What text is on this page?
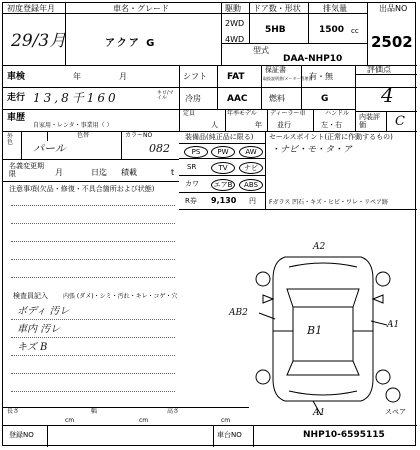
初度登録年月
29/3月
車名・グレード
アクア G
駆動
2WD
4WD
ドア数・形状
5HB
排気量
1500 cc
出品NO
2502
型式
DAA-NHP10
車検	年	月	シフト FAT
保証書
取扱説明書/メーター管理書
有・無
評価点
4
走行 13,8千160	キロ/マイル	冷房	AAC	燃料	G
車歴
自家用・レンタ・事業用（ ）
定員
人
年率モデル
年
ディーラー車
並行
ハンドル
左・右
内装評価	C
外色
色替
パール
カラーNO
082
名義変更期限	月	日迄 積載	t
注意事項(欠品・修復・不具合箇所および状態)
装備品(純正品に限る)
PS	PW	AW
SR	TV	ナビ
カワ	エアB	ABS
R券 9,130 円
セールスポイント(正常に作動するもの)
・ナビ・モ・タ・ア
Fガラス 凹石・キズ・ヒビ・ワレ・リペア跡
検査員記入	内張 (ダメ)・シミ・汚れ・キレ・コゲ・穴
ボディ 汚レ
車内 汚レ
キズ B
A2
AB2
A1
B1
A1	スペア
長さ
cm
幅
cm
高さ
cm
登録NO	車台NO	NHP10-6595115
